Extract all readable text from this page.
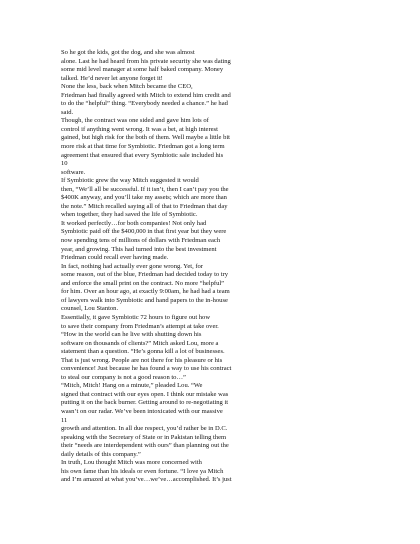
So he got the kids, got the dog, and she was almost
alone. Last he had heard from his private security she was dating
some mid level manager at some half baked company. Money
talked. He’d never let anyone forget it!
None the less, back when Mitch became the CEO,
Friedman had finally agreed with Mitch to extend him credit and
to do the “helpful” thing. “Everybody needed a chance.” he had
said.
Though, the contract was one sided and gave him lots of
control if anything went wrong. It was a bet, at high interest
gained, but high risk for the both of them. Well maybe a little bit
more risk at that time for Symbiotic. Friedman got a long term
agreement that ensured that every Symbiotic sale included his
10
software.
If Symbiotic grew the way Mitch suggested it would
then, “We’ll all be successful. If it isn’t, then I can’t pay you the
$400K anyway, and you’ll take my assets; which are more than
the note.” Mitch recalled saying all of that to Friedman that day
when together, they had saved the life of Symbiotic.
It worked perfectly…for both companies! Not only had
Symbiotic paid off the $400,000 in that first year but they were
now spending tens of millions of dollars with Friedman each
year, and growing. This had turned into the best investment
Friedman could recall ever having made.
In fact, nothing had actually ever gone wrong. Yet, for
some reason, out of the blue, Friedman had decided today to try
and enforce the small print on the contract. No more “helpful”
for him. Over an hour ago, at exactly 9:00am, he had had a team
of lawyers walk into Symbiotic and hand papers to the in-house
counsel, Lou Stanton.
Essentially, it gave Symbiotic 72 hours to figure out how
to save their company from Friedman’s attempt at take over.
“How in the world can he live with shutting down his
software on thousands of clients?” Mitch asked Lou, more a
statement than a question. “He’s gonna kill a lot of businesses.
That is just wrong. People are not there for his pleasure or his
convenience! Just because he has found a way to use his contract
to steal our company is not a good reason to…”
“Mitch, Mitch! Hang on a minute,” pleaded Lou. “We
signed that contract with our eyes open. I think our mistake was
putting it on the back burner. Getting around to re-negotiating it
wasn’t on our radar. We’ve been intoxicated with our massive
11
growth and attention. In all due respect, you’d rather be in D.C.
speaking with the Secretary of State or in Pakistan telling them
their “needs are interdependent with ours” than planning out the
daily details of this company.”
In truth, Lou thought Mitch was more concerned with
his own fame than his ideals or even fortune. “I love ya Mitch
and I’m amazed at what you’ve…we’ve…accomplished. It’s just
